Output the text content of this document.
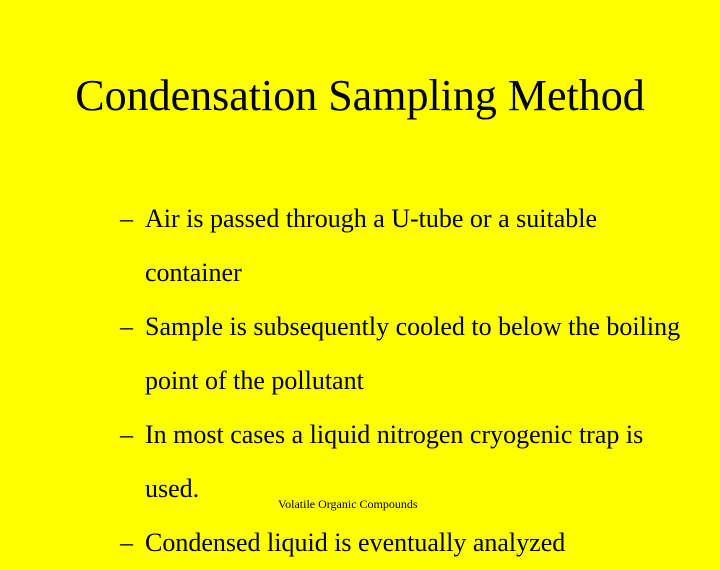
Condensation Sampling Method
– Air is passed through a U-tube or a suitable container
– Sample is subsequently cooled to below the boiling point of the pollutant
– In most cases a liquid nitrogen cryogenic trap is used.
– Condensed liquid is eventually analyzed
Volatile Organic Compounds
